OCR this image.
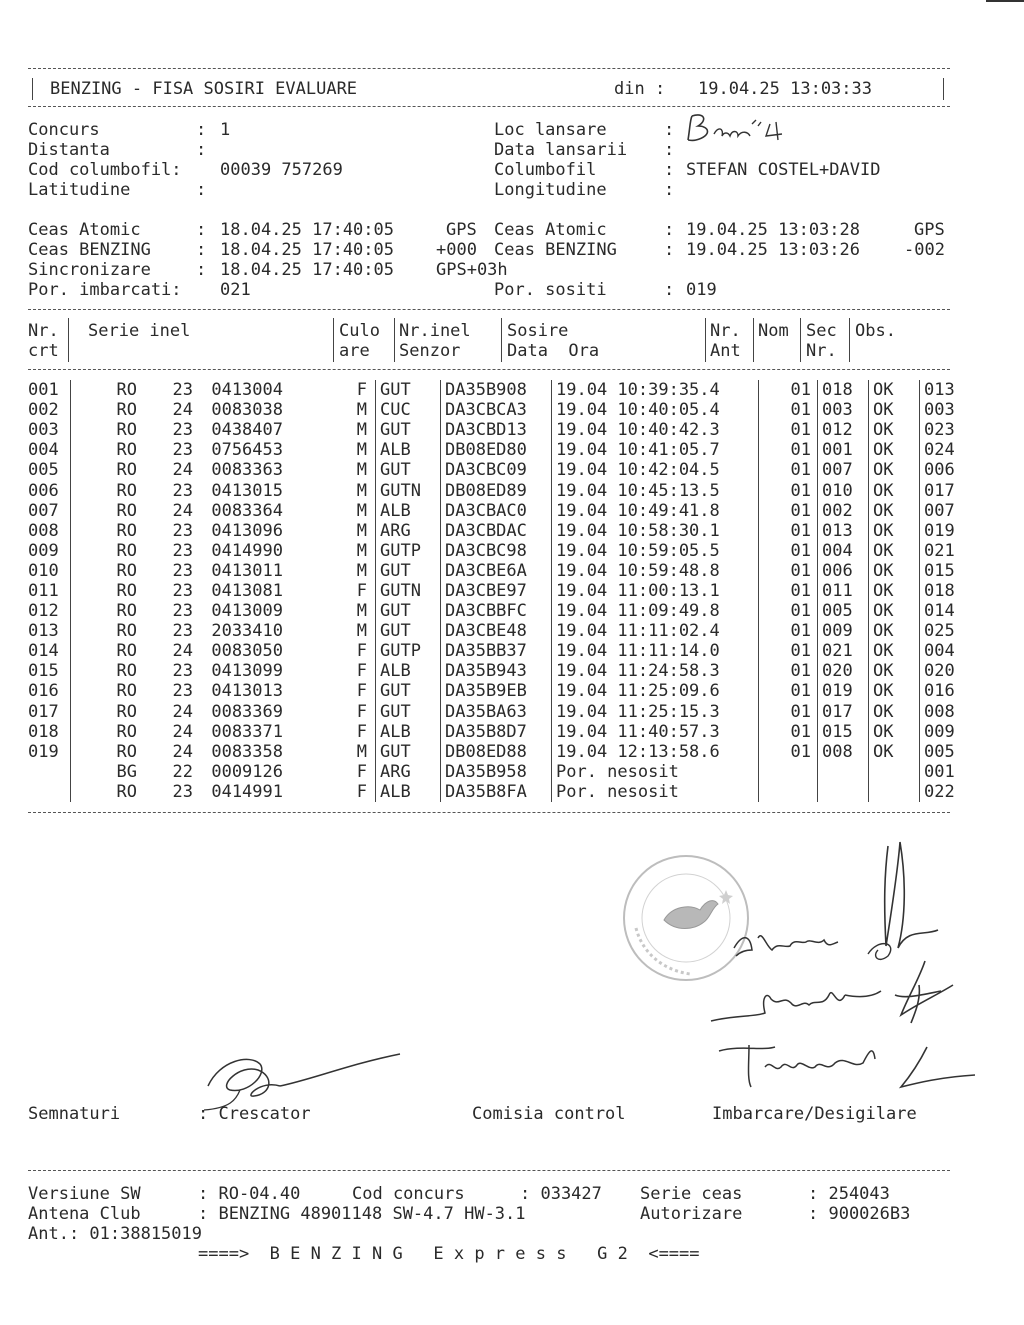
BENZING - FISA SOSIRI EVALUARE	din : 19.04.25 13:03:33
Concurs	: 1
Distanta	:
Cod columbofil: 00039 757269
Latitudine	:
Loc lansare	:
Data lansarii :
Columbofil	: STEFAN COSTEL+DAVID
Longitudine	:
Ceas Atomic	: 18.04.25 17:40:05	GPS
Ceas BENZING	: 18.04.25 17:40:05 +000
Sincronizare	: 18.04.25 17:40:05 GPS+03h
Por. imbarcati: 021
Ceas Atomic	: 19.04.25 13:03:28	GPS
Ceas BENZING	: 19.04.25 13:03:26	-002
Por. sositi	: 019
Nr.
crt
Serie inel	Culo
are
Nr.inel
Senzor
Sosire
Data  Ora
Nr.
Ant
Nom Sec
Nr.
Obs.
001	RO 23 0413004 F	GUT	DA35B908	19.04 10:39:35.4	01	018	OK	013
002	RO 24 0083038 M	CUC	DA3CBCA3	19.04 10:40:05.4	01	003	OK	003
003	RO 23 0438407 M	GUT	DA3CBD13	19.04 10:40:42.3	01	012	OK	023
004	RO 23 0756453 M	ALB	DB08ED80	19.04 10:41:05.7	01	001	OK	024
005	RO 24 0083363 M	GUT	DA3CBC09	19.04 10:42:04.5	01	007	OK	006
006	RO 23 0413015 M	GUTN	DB08ED89	19.04 10:45:13.5	01	010	OK	017
007	RO 24 0083364 M	ALB	DA3CBAC0	19.04 10:49:41.8	01	002	OK	007
008	RO 23 0413096 M	ARG	DA3CBDAC	19.04 10:58:30.1	01	013	OK	019
009	RO 23 0414990 M	GUTP	DA3CBC98	19.04 10:59:05.5	01	004	OK	021
010	RO 23 0413011 M	GUT	DA3CBE6A	19.04 10:59:48.8	01	006	OK	015
011	RO 23 0413081 F	GUTN	DA3CBE97	19.04 11:00:13.1	01	011	OK	018
012	RO 23 0413009 M	GUT	DA3CBBFC	19.04 11:09:49.8	01	005	OK	014
013	RO 23 2033410 M	GUT	DA3CBE48	19.04 11:11:02.4	01	009	OK	025
014	RO 24 0083050 F	GUTP	DA35BB37	19.04 11:11:14.0	01	021	OK	004
015	RO 23 0413099 F	ALB	DA35B943	19.04 11:24:58.3	01	020	OK	020
016	RO 23 0413013 F	GUT	DA35B9EB	19.04 11:25:09.6	01	019	OK	016
017	RO 24 0083369 F	GUT	DA35BA63	19.04 11:25:15.3	01	017	OK	008
018	RO 24 0083371 F	ALB	DA35B8D7	19.04 11:40:57.3	01	015	OK	009
019	RO 24 0083358 M	GUT	DB08ED88	19.04 12:13:58.6	01	008	OK	005

	BG 22 0009126 F	ARG	DA35B958	Por. nesosit				001

	RO 23 0414991 F	ALB	DA35B8FA	Por. nesosit				022
Semnaturi	: Crescator	Comisia control	Imbarcare/Desigilare
Versiune SW	: RO-04.40	Cod concurs	: 033427 Serie ceas	: 254043
Antena Club	: BENZING 48901148 SW-4.7 HW-3.1	Autorizare	: 900026B3
Ant.: 01:38815019
====>  B E N Z I N G   E x p r e s s   G 2  <====
